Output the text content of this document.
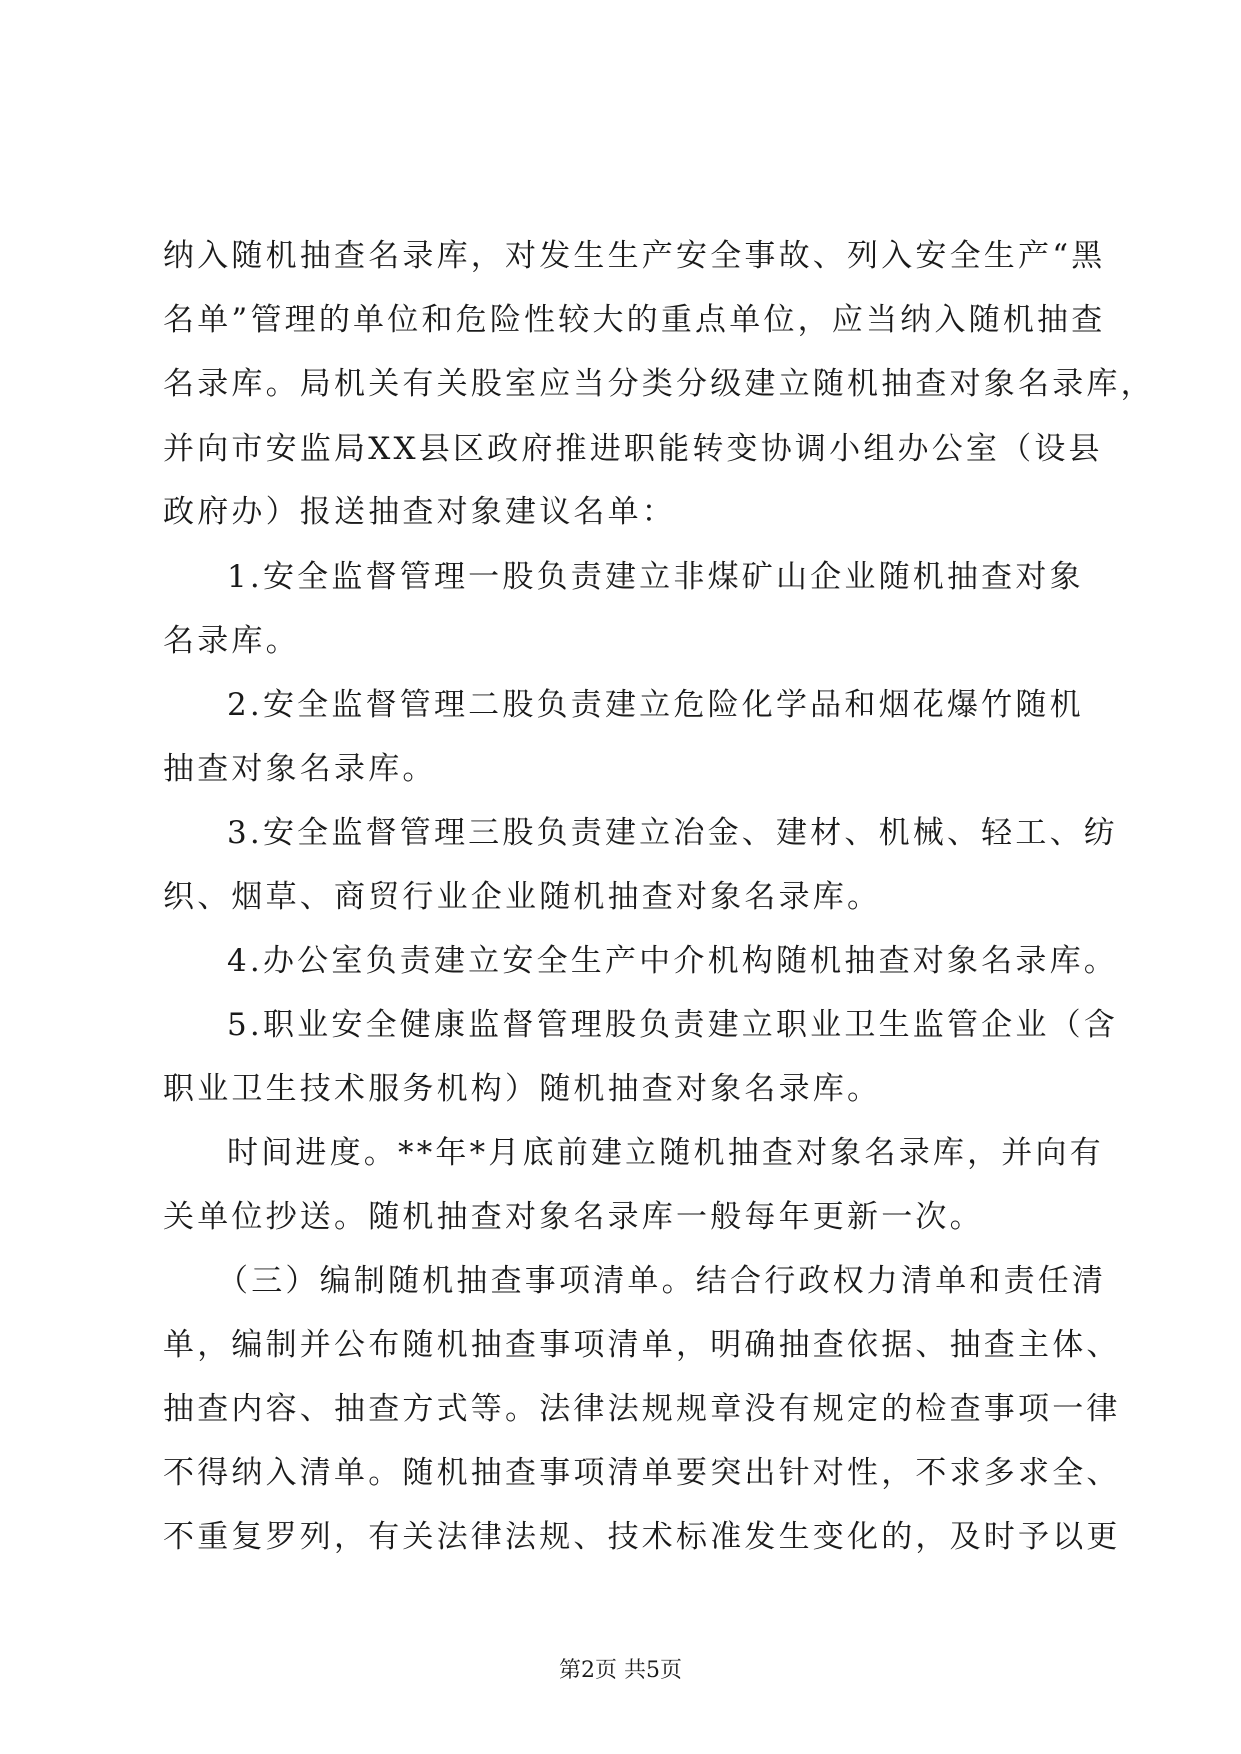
纳入随机抽查名录库，对发生生产安全事故、列入安全生产“黑
名单”管理的单位和危险性较大的重点单位，应当纳入随机抽查
名录库。局机关有关股室应当分类分级建立随机抽查对象名录库，
并向市安监局XX县区政府推进职能转变协调小组办公室（设县
政府办）报送抽查对象建议名单：
1.安全监督管理一股负责建立非煤矿山企业随机抽查对象
名录库。
2.安全监督管理二股负责建立危险化学品和烟花爆竹随机
抽查对象名录库。
3.安全监督管理三股负责建立冶金、建材、机械、轻工、纺
织、烟草、商贸行业企业随机抽查对象名录库。
4.办公室负责建立安全生产中介机构随机抽查对象名录库。
5.职业安全健康监督管理股负责建立职业卫生监管企业（含
职业卫生技术服务机构）随机抽查对象名录库。
时间进度。**年*月底前建立随机抽查对象名录库，并向有
关单位抄送。随机抽查对象名录库一般每年更新一次。
（三）编制随机抽查事项清单。结合行政权力清单和责任清
单，编制并公布随机抽查事项清单，明确抽查依据、抽查主体、
抽查内容、抽查方式等。法律法规规章没有规定的检查事项一律
不得纳入清单。随机抽查事项清单要突出针对性，不求多求全、
不重复罗列，有关法律法规、技术标准发生变化的，及时予以更
第2页 共5页
